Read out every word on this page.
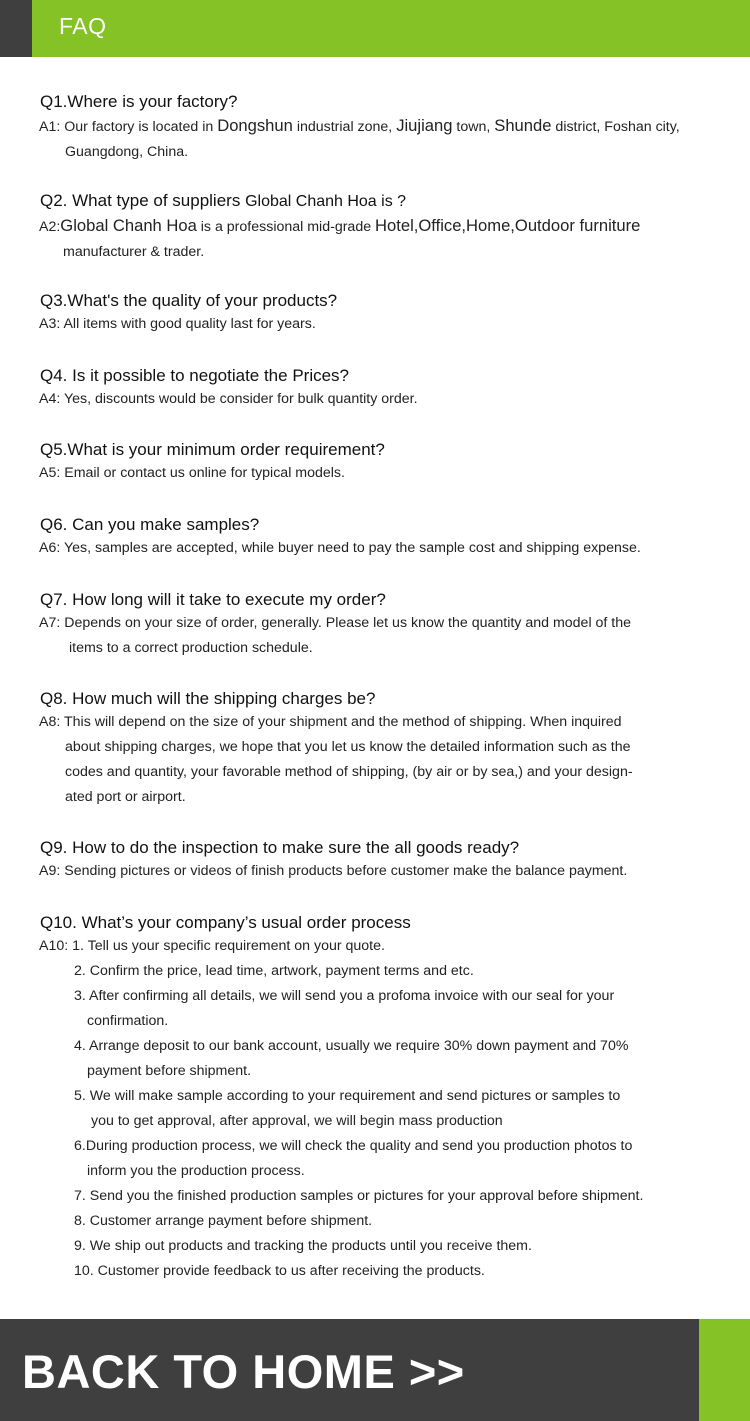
FAQ
Q1.Where is your factory?
A1: Our factory is located in Dongshun industrial zone, Jiujiang town, Shunde district, Foshan city,
Guangdong, China.
Q2. What type of suppliers Global Chanh Hoa is ?
A2:Global Chanh Hoa is a professional mid-grade Hotel,Office,Home,Outdoor furniture
manufacturer & trader.
Q3.What's the quality of your products?
A3: All items with good quality last for years.
Q4. Is it possible to negotiate the Prices?
A4: Yes, discounts would be consider for bulk quantity order.
Q5.What is your minimum order requirement?
A5: Email or contact us online for typical models.
Q6. Can you make samples?
A6: Yes, samples are accepted, while buyer need to pay the sample cost and shipping expense.
Q7. How long will it take to execute my order?
A7: Depends on your size of order, generally. Please let us know the quantity and model of the
items to a correct production schedule.
Q8. How much will the shipping charges be?
A8: This will depend on the size of your shipment and the method of shipping. When inquired
about shipping charges, we hope that you let us know the detailed information such as the
codes and quantity, your favorable method of shipping, (by air or by sea,) and your design-
ated port or airport.
Q9. How to do the inspection to make sure the all goods ready?
A9: Sending pictures or videos of finish products before customer make the balance payment.
Q10. What’s your company’s usual order process
A10: 1. Tell us your specific requirement on your quote.
2. Confirm the price, lead time, artwork, payment terms and etc.
3. After confirming all details, we will send you a profoma invoice with our seal for your
confirmation.
4. Arrange deposit to our bank account, usually we require 30% down payment and 70%
payment before shipment.
5. We will make sample according to your requirement and send pictures or samples to
you to get approval, after approval, we will begin mass production
6.During production process, we will check the quality and send you production photos to
inform you the production process.
7. Send you the finished production samples or pictures for your approval before shipment.
8. Customer arrange payment before shipment.
9. We ship out products and tracking the products until you receive them.
10. Customer provide feedback to us after receiving the products.
BACK TO HOME >>
